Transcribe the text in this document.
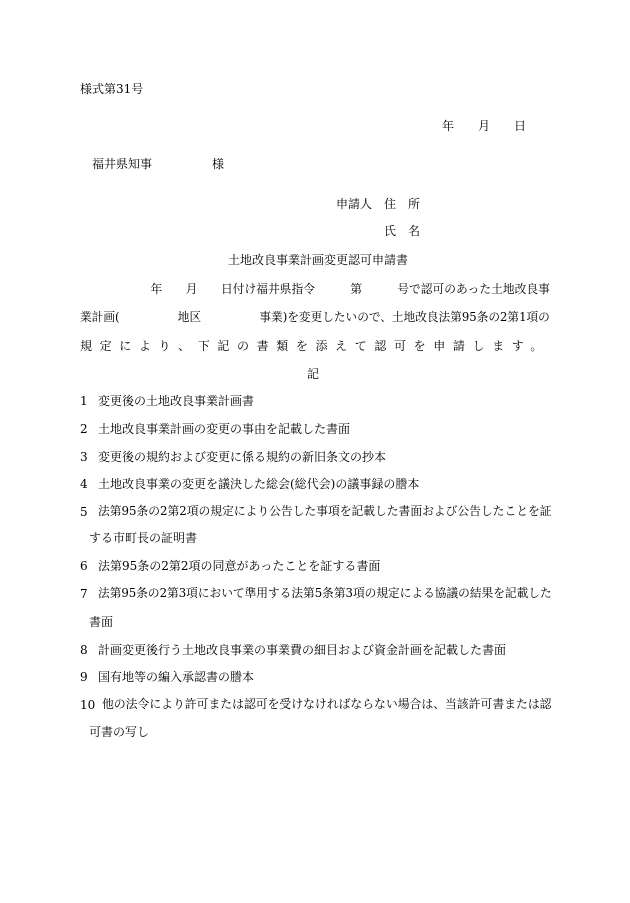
様式第31号
年　　月　　日
福井県知事　　　　　様
申請人　住　所
氏　名
土地改良事業計画変更認可申請書
　　　　　　年　　月　　日付け福井県指令　　　第　　　号で認可のあった土地改良事
業計画(　　　　　地区　　　　　事業)を変更したいので、土地改良法第95条の2第1項の
規定により、下記の書類を添えて認可を申請します。
記
1 変更後の土地改良事業計画書
2 土地改良事業計画の変更の事由を記載した書面
3 変更後の規約および変更に係る規約の新旧条文の抄本
4 土地改良事業の変更を議決した総会(総代会)の議事録の謄本
5 法第95条の2第2項の規定により公告した事項を記載した書面および公告したことを証
する市町長の証明書
6 法第95条の2第2項の同意があったことを証する書面
7 法第95条の2第3項において準用する法第5条第3項の規定による協議の結果を記載した
書面
8 計画変更後行う土地改良事業の事業費の細目および資金計画を記載した書面
9 国有地等の編入承認書の謄本
10 他の法令により許可または認可を受けなければならない場合は、当該許可書または認
可書の写し
